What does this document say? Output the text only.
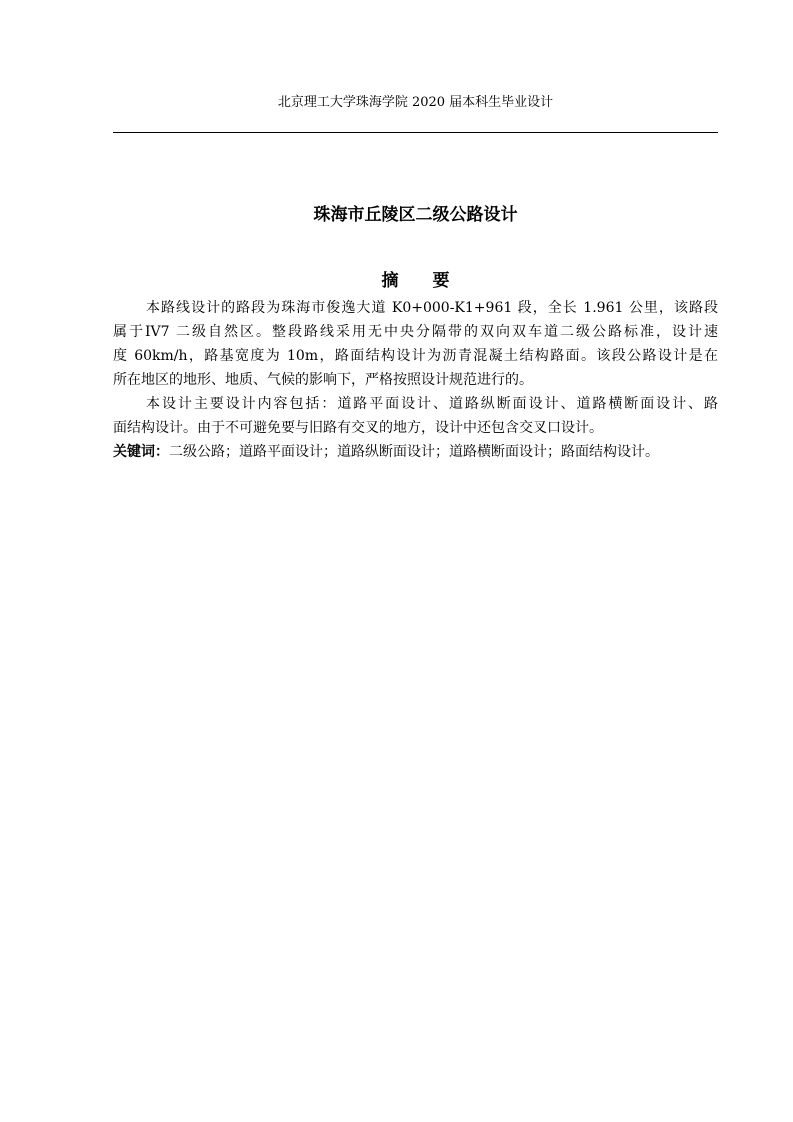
北京理工大学珠海学院 2020 届本科生毕业设计
珠海市丘陵区二级公路设计
摘 要
本路线设计的路段为珠海市俊逸大道 K0+000-K1+961 段，全长 1.961 公里，该路段
属于IV7 二级自然区。整段路线采用无中央分隔带的双向双车道二级公路标准，设计速
度 60km/h，路基宽度为 10m，路面结构设计为沥青混凝土结构路面。该段公路设计是在
所在地区的地形、地质、气候的影响下，严格按照设计规范进行的。
本设计主要设计内容包括：道路平面设计、道路纵断面设计、道路横断面设计、路
面结构设计。由于不可避免要与旧路有交叉的地方，设计中还包含交叉口设计。
关键词：二级公路；道路平面设计；道路纵断面设计；道路横断面设计；路面结构设计。
